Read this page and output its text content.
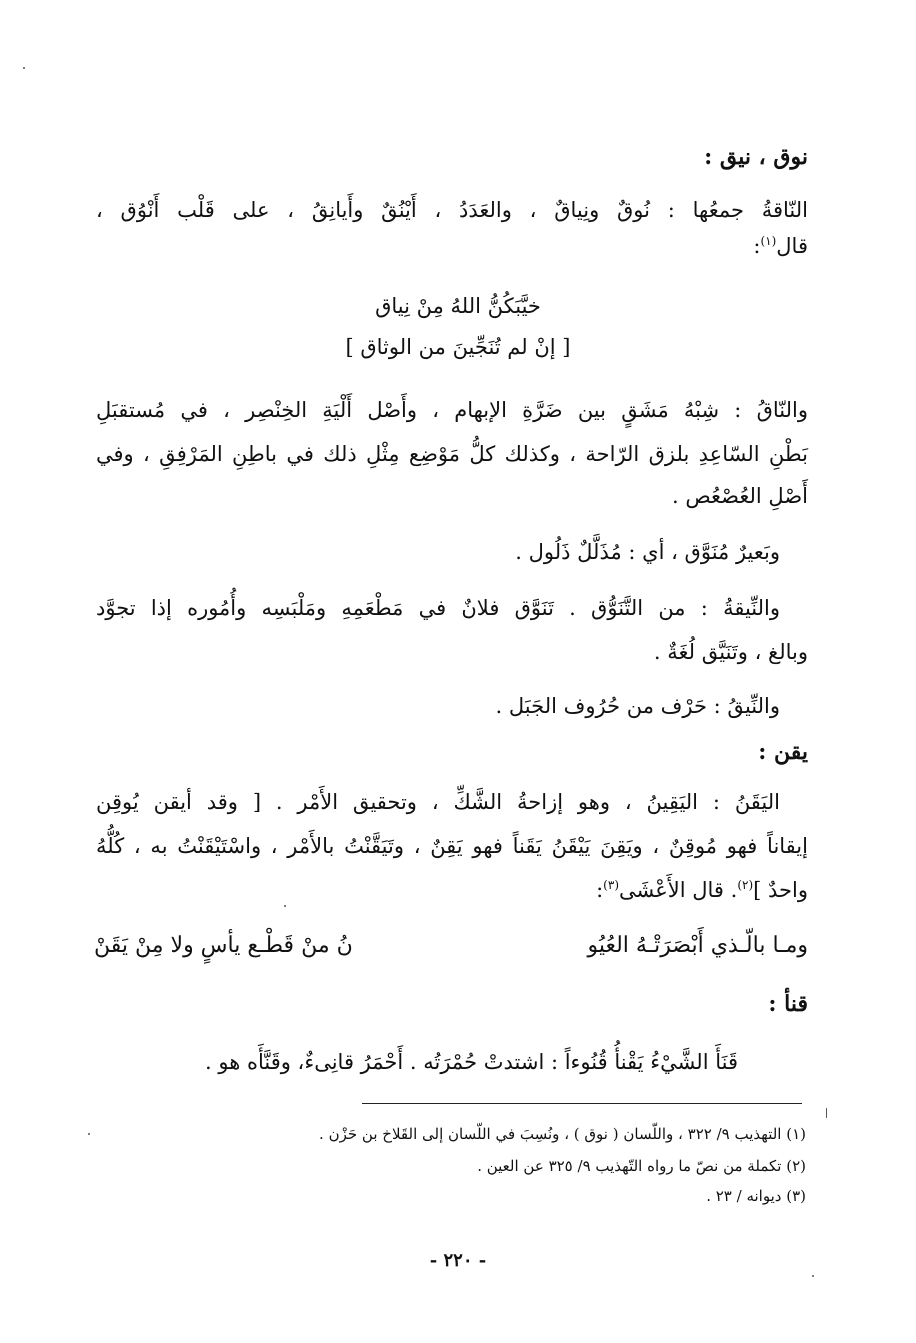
نوق ، نيق :
النّاقةُ جمعُها : نُوقٌ ونِياقٌ ، والعَدَدُ ، أَيْنُقٌ وأَيانِقُ ، على قَلْب أَنْوُق ،
قال$^{(١)}$:
خيَّبَكُنُّ اللهُ مِنْ نِياق
[ إنْ لم تُنَجِّينَ من الوثاق ]
والنّاقُ : شِبْهُ مَشَقٍ بين ضَرَّةِ الإبهام ، وأَصْل أَلْيَةِ الخِنْصِر ، في مُستقبَلِ
بَطْنِ السّاعِدِ بلزق الرّاحة ، وكذلك كلُّ مَوْضِع مِثْلِ ذلك في باطِنِ المَرْفِقِ ، وفي
أَصْلِ العُصْعُص .
وبَعيرٌ مُنَوَّق ، أي : مُذَلَّلٌ ذَلُول .
والنِّيقةُ : من التَّنَوُّق . تَنَوَّق فلانٌ في مَطْعَمِهِ ومَلْبَسِه وأُمُوره إذا تجوَّد
وبالغ ، وتَنَيَّق لُغَةٌ .
والنِّيقُ : حَرْف من حُرُوف الجَبَل .
يقن :
اليَقَنُ : اليَقِينُ ، وهو إزاحةُ الشَّكِّ ، وتحقيق الأَمْر . [ وقد أيقن يُوقِن
إيقاناً فهو مُوقِنٌ ، ويَقِنَ يَيْقَنُ يَقَناً فهو يَقِنٌ ، وتَيَقَّنْتُ بالأَمْر ، واسْتَيْقَنْتُ به ، كُلُّهُ
واحدٌ ]$^{(٢)}$. قال الأَعْشَى$^{(٣)}$:
ومـا بالّـذي أَبْصَرَتْـهُ العُيُو
نُ منْ قَطْـع يأسٍ ولا مِنْ يَقَنْ
قنأ :
قَنَأَ الشَّيْءُ يَقْنأُ قُنُوءاً : اشتدتْ حُمْرَتُه . أَحْمَرُ قانِىءٌ، وقَنَّأَه هو .
(١) التهذيب ٩/ ٣٢٢ ، واللّسان ( نوق ) ، ونُسِبَ في اللّسان إلى القَلاخ بن حَزْن .
(٢) تكملة من نصّ ما رواه التّهذيب ٩/ ٣٢٥ عن العين .
(٣) ديوانه / ٢٣ .
- ٢٢٠ -
